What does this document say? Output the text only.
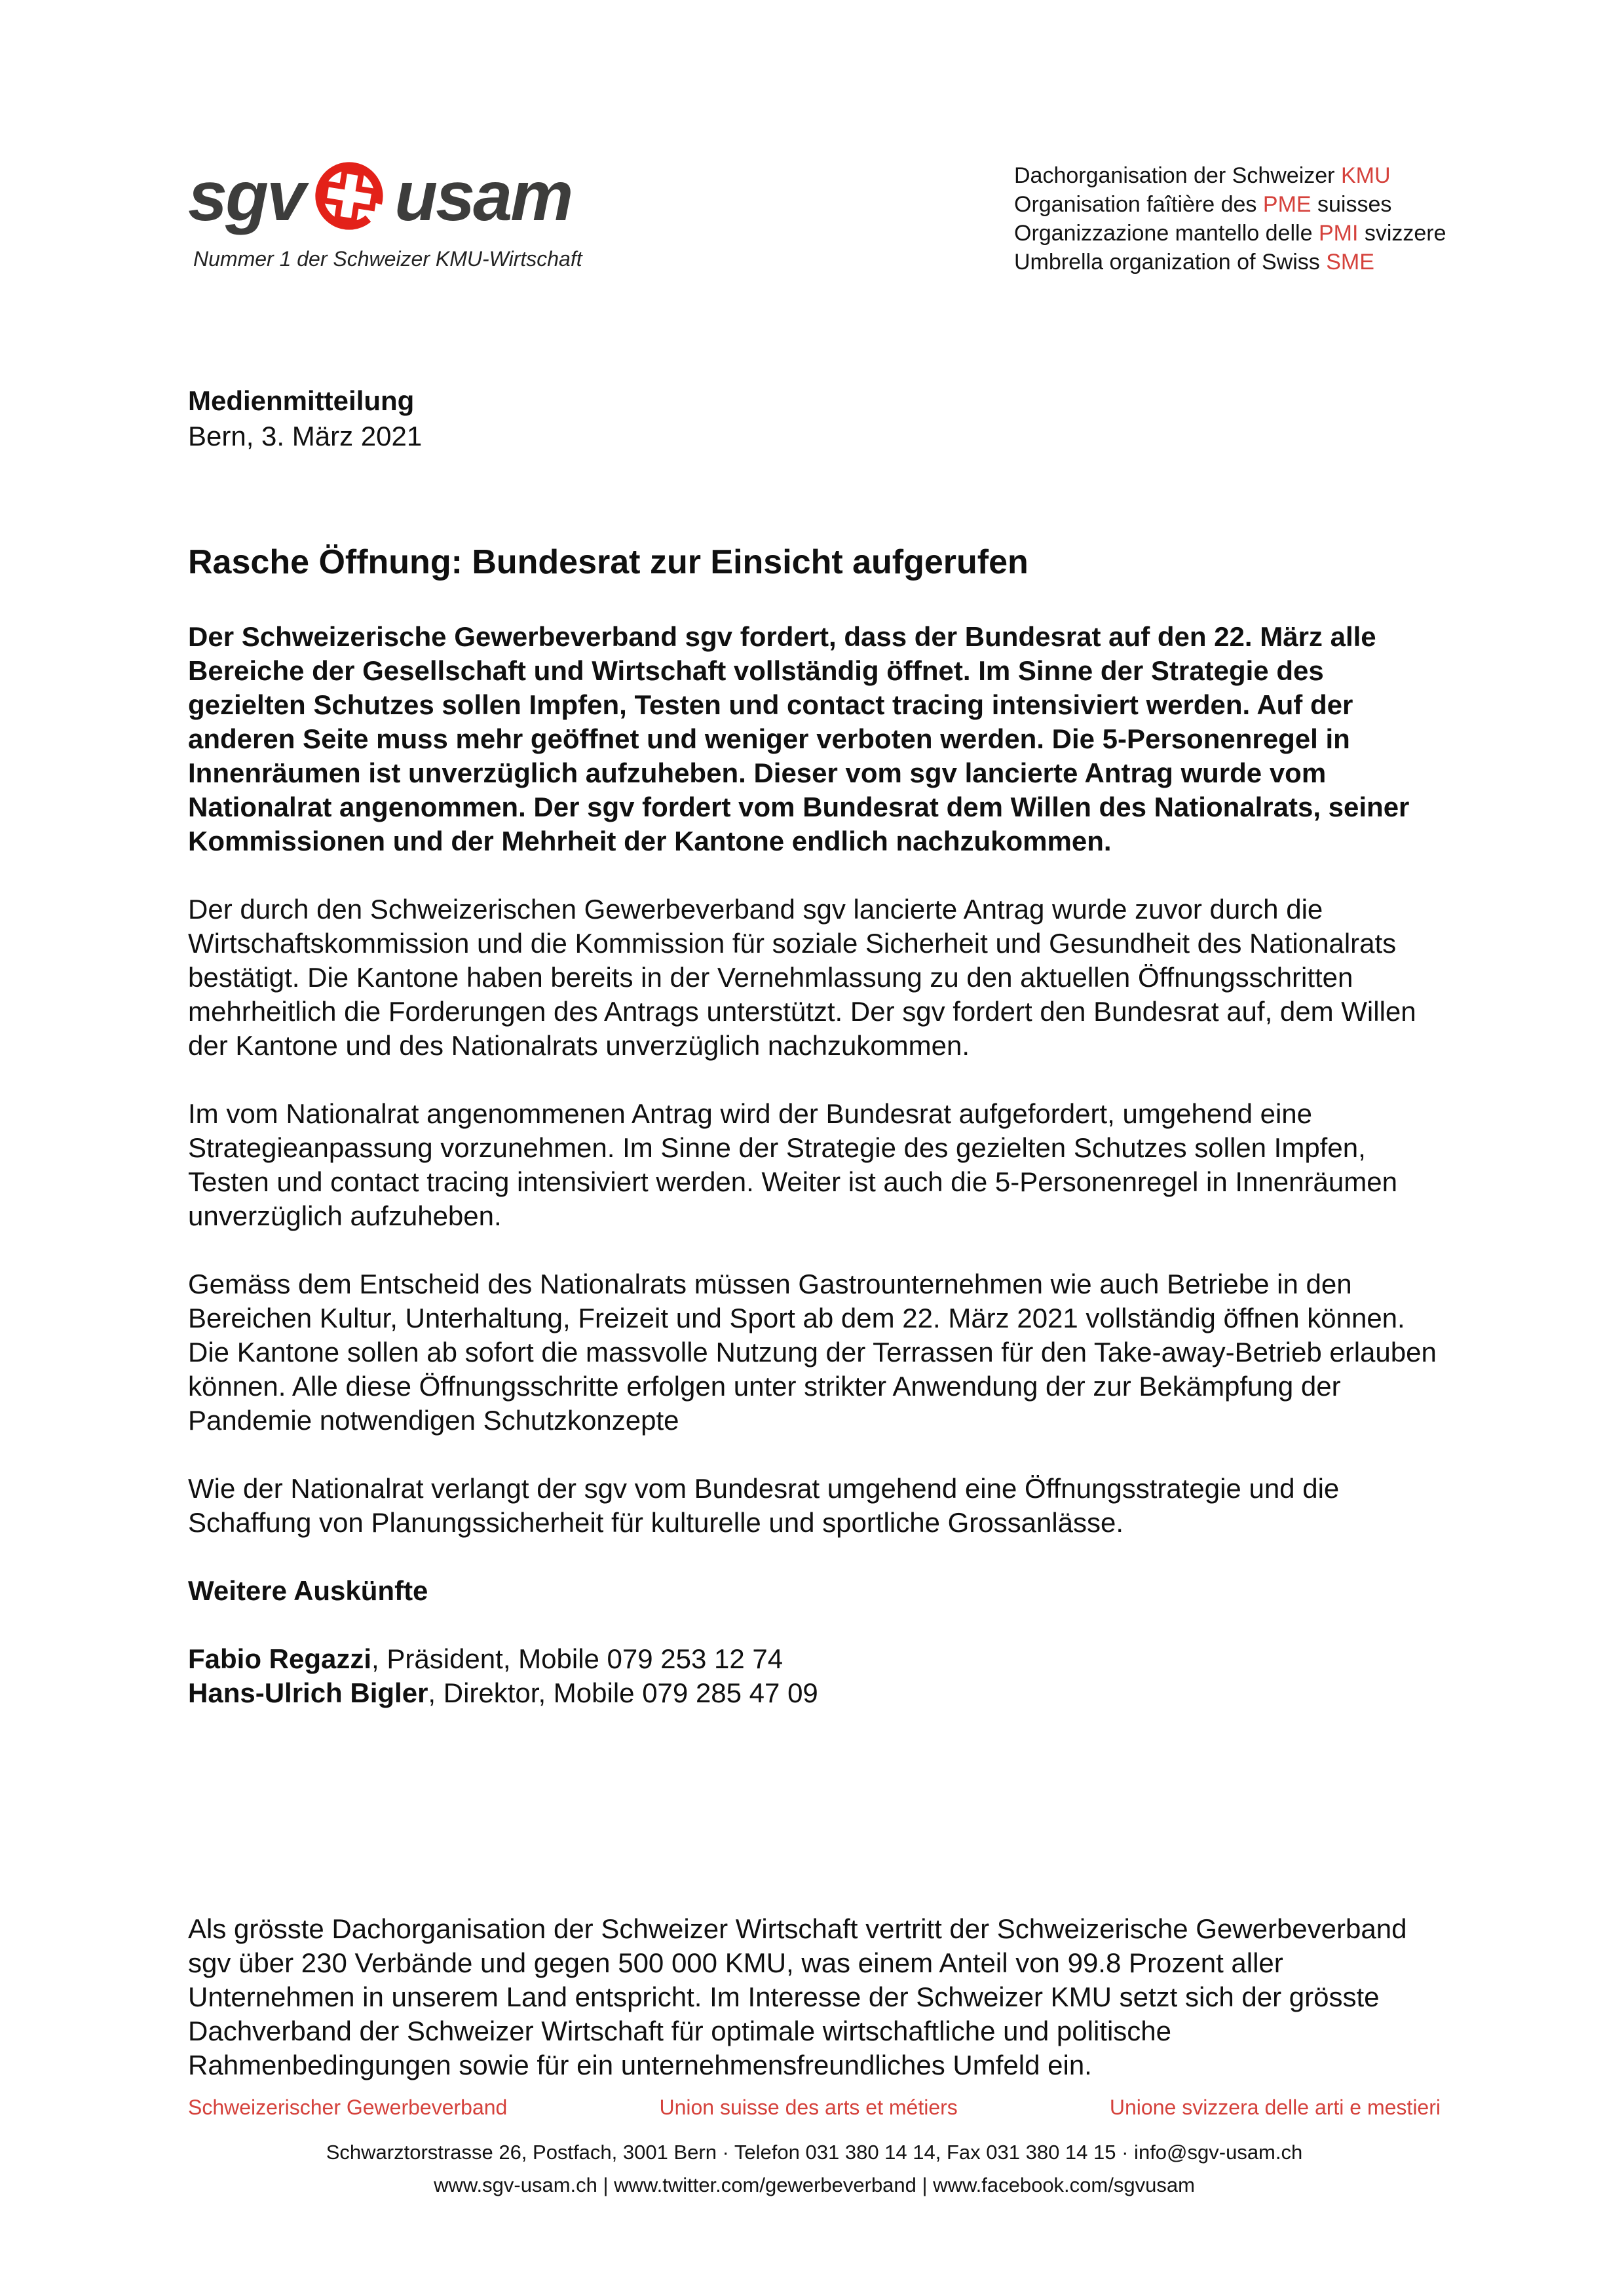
sgv usam
Nummer 1 der Schweizer KMU-Wirtschaft
Dachorganisation der Schweizer KMU
Organisation faîtière des PME suisses
Organizzazione mantello delle PMI svizzere
Umbrella organization of Swiss SME
Medienmitteilung
Bern, 3. März 2021
Rasche Öffnung: Bundesrat zur Einsicht aufgerufen

Der Schweizerische Gewerbeverband sgv fordert, dass der Bundesrat auf den 22. März alle Bereiche der Gesellschaft und Wirtschaft vollständig öffnet. Im Sinne der Strategie des gezielten Schutzes sollen Impfen, Testen und contact tracing intensiviert werden. Auf der anderen Seite muss mehr geöffnet und weniger verboten werden. Die 5-Personenregel in Innenräumen ist unverzüglich aufzuheben. Dieser vom sgv lancierte Antrag wurde vom Nationalrat angenommen. Der sgv fordert vom Bundesrat dem Willen des Nationalrats, seiner Kommissionen und der Mehrheit der Kantone endlich nachzukommen.

Der durch den Schweizerischen Gewerbeverband sgv lancierte Antrag wurde zuvor durch die Wirtschaftskommission und die Kommission für soziale Sicherheit und Gesundheit des Nationalrats bestätigt. Die Kantone haben bereits in der Vernehmlassung zu den aktuellen Öffnungsschritten mehrheitlich die Forderungen des Antrags unterstützt. Der sgv fordert den Bundesrat auf, dem Willen der Kantone und des Nationalrats unverzüglich nachzukommen.

Im vom Nationalrat angenommenen Antrag wird der Bundesrat aufgefordert, umgehend eine Strategieanpassung vorzunehmen. Im Sinne der Strategie des gezielten Schutzes sollen Impfen, Testen und contact tracing intensiviert werden. Weiter ist auch die 5-Personenregel in Innenräumen unverzüglich aufzuheben.

Gemäss dem Entscheid des Nationalrats müssen Gastrounternehmen wie auch Betriebe in den Bereichen Kultur, Unterhaltung, Freizeit und Sport ab dem 22. März 2021 vollständig öffnen können. Die Kantone sollen ab sofort die massvolle Nutzung der Terrassen für den Take-away-Betrieb erlauben können. Alle diese Öffnungsschritte erfolgen unter strikter Anwendung der zur Bekämpfung der Pandemie notwendigen Schutzkonzepte

Wie der Nationalrat verlangt der sgv vom Bundesrat umgehend eine Öffnungsstrategie und die Schaffung von Planungssicherheit für kulturelle und sportliche Grossanlässe.

Weitere Auskünfte
Fabio Regazzi, Präsident, Mobile 079 253 12 74
Hans-Ulrich Bigler, Direktor, Mobile 079 285 47 09
Als grösste Dachorganisation der Schweizer Wirtschaft vertritt der Schweizerische Gewerbeverband sgv über 230 Verbände und gegen 500 000 KMU, was einem Anteil von 99.8 Prozent aller Unternehmen in unserem Land entspricht. Im Interesse der Schweizer KMU setzt sich der grösste Dachverband der Schweizer Wirtschaft für optimale wirtschaftliche und politische Rahmenbedingungen sowie für ein unternehmensfreundliches Umfeld ein.
Schweizerischer Gewerbeverband	Union suisse des arts et métiers	Unione svizzera delle arti e mestieri
Schwarztorstrasse 26, Postfach, 3001 Bern · Telefon 031 380 14 14, Fax 031 380 14 15 · info@sgv-usam.ch
www.sgv-usam.ch | www.twitter.com/gewerbeverband | www.facebook.com/sgvusam
